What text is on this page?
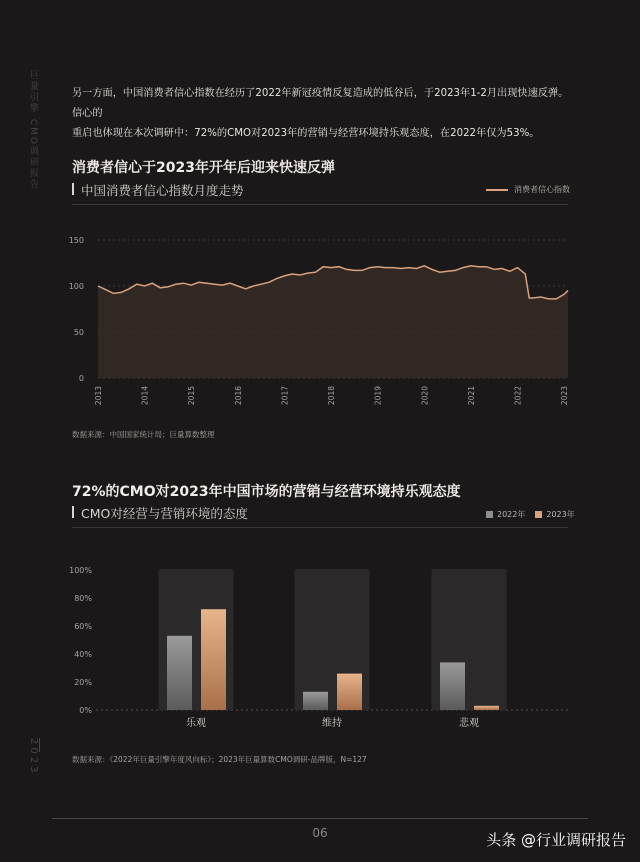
巨量引擎 CMO调研报告
2023
另一方面，中国消费者信心指数在经历了2022年新冠疫情反复造成的低谷后，于2023年1-2月出现快速反弹。信心的
重启也体现在本次调研中：72%的CMO对2023年的营销与经营环境持乐观态度，在2022年仅为53%。
消费者信心于2023年开年后迎来快速反弹
中国消费者信心指数月度走势	消费者信心指数
0
50
100
150
2013	2014	2015	2016	2017	2018	2019	2020	2021	2022	2023
数据来源：中国国家统计局；巨量算数整理
72%的CMO对2023年中国市场的营销与经营环境持乐观态度
CMO对经营与营销环境的态度	2022年	2023年
0%
20%
40%
60%
80%
100%
乐观	维持	悲观
数据来源：《2022年巨量引擎年度风向标》；2023年巨量算数CMO调研-品牌版，N=127
06	头条 @行业调研报告
